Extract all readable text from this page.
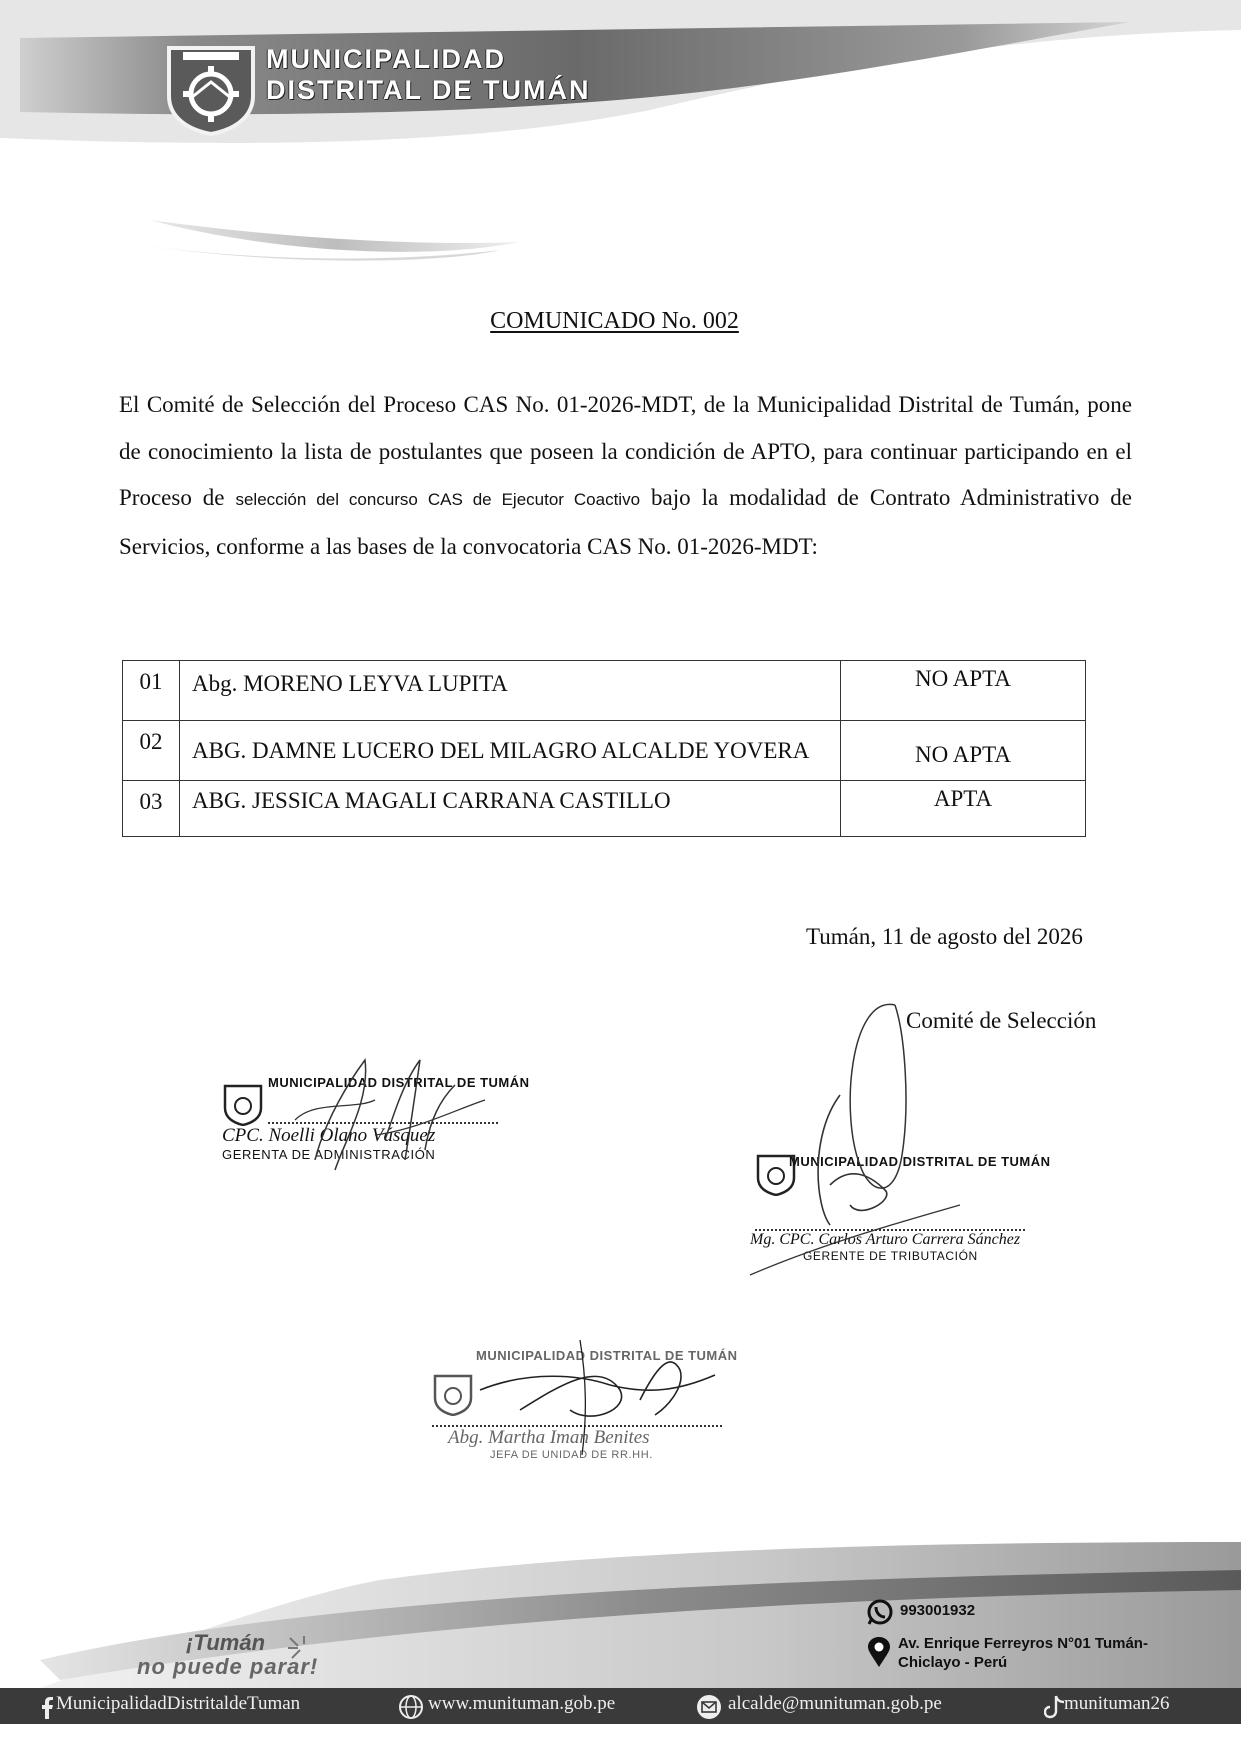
MUNICIPALIDAD
DISTRITAL DE TUMÁN
COMUNICADO No. 002
El Comité de Selección del Proceso CAS No. 01-2026-MDT, de la Municipalidad Distrital de Tumán, pone de conocimiento la lista de postulantes que poseen la condición de APTO, para continuar participando en el Proceso de selección del concurso CAS de Ejecutor Coactivo bajo la modalidad de Contrato Administrativo de Servicios, conforme a las bases de la convocatoria CAS No. 01-2026-MDT:
01	Abg. MORENO LEYVA LUPITA	NO APTA
02	ABG. DAMNE LUCERO DEL MILAGRO ALCALDE YOVERA	NO APTA
03	ABG. JESSICA MAGALI CARRANA CASTILLO	APTA
Tumán, 11 de agosto del 2026
Comité de Selección
MUNICIPALIDAD DISTRITAL DE TUMÁN
CPC. Noelli Olano Vásquez
GERENTA DE ADMINISTRACIÓN	MUNICIPALIDAD DISTRITAL DE TUMÁN
Mg. CPC. Carlos Arturo Carrera Sánchez
GERENTE DE TRIBUTACIÓN
MUNICIPALIDAD DISTRITAL DE TUMÁN
Abg. Martha Iman Benites
JEFA DE UNIDAD DE RR.HH.
¡Tumán
no puede parar!
993001932
Av. Enrique Ferreyros N°01 Tumán-
Chiclayo - Perú
MunicipalidadDistritaldeTuman	www.munituman.gob.pe	alcalde@munituman.gob.pe	munituman26
